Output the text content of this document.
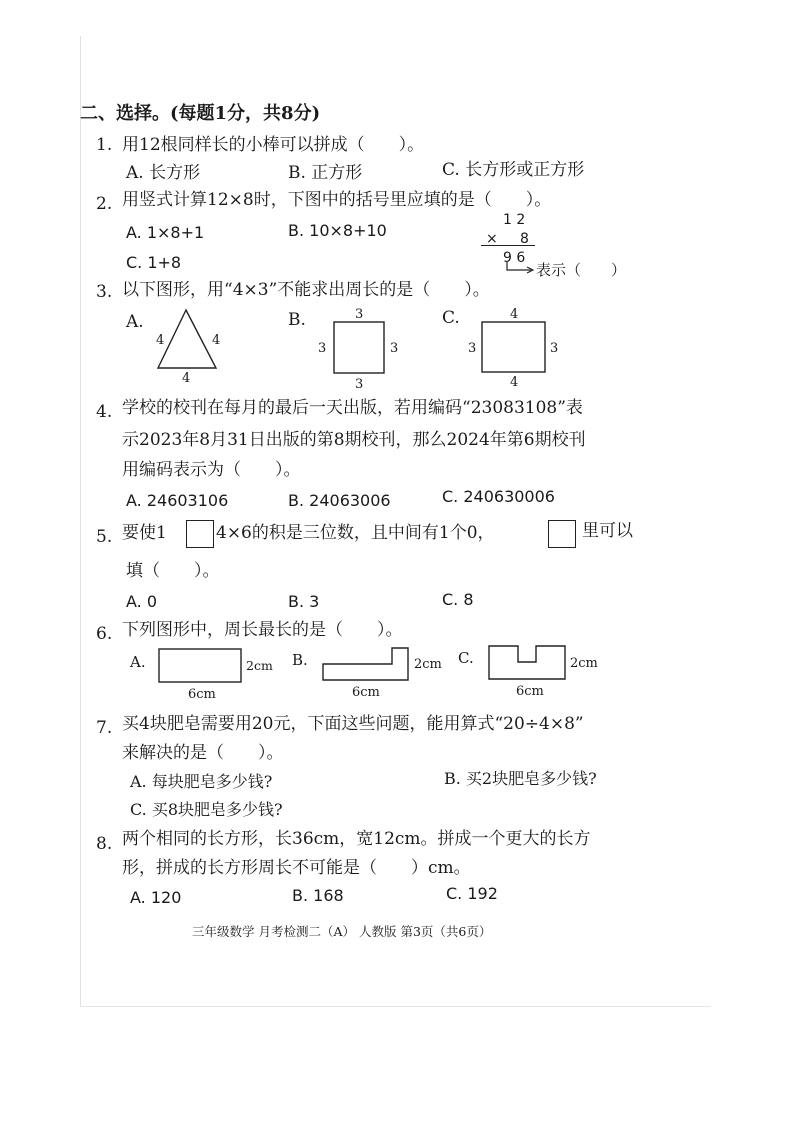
二、选择。(每题1分，共8分)
1. 用12根同样长的小棒可以拼成（　　）。
A. 长方形	B. 正方形	C. 长方形或正方形
2. 用竖式计算12×8时，下图中的括号里应填的是（　　）。
A. 1×8+1	B. 10×8+10
C. 1+8
1 2
× 8
9 6
表示（　　）
3. 以下图形，用“4×3”不能求出周长的是（　　）。
A.	B.	C.
4	4
4
3
3	3
3
4
3	3
4
4. 学校的校刊在每月的最后一天出版，若用编码“23083108”表
示2023年8月31日出版的第8期校刊，那么2024年第6期校刊
用编码表示为（　　）。
A. 24603106	B. 24063006	C. 240630006
5. 要使1	4×6的积是三位数，且中间有1个0，	里可以
填（　　）。
A. 0	B. 3	C. 8
6. 下列图形中，周长最长的是（　　）。
A.	B.	C.
2cm
6cm
2cm
6cm
2cm
6cm
7. 买4块肥皂需要用20元，下面这些问题，能用算式“20÷4×8”
来解决的是（　　）。
A. 每块肥皂多少钱?	B. 买2块肥皂多少钱?
C. 买8块肥皂多少钱?
8. 两个相同的长方形，长36cm，宽12cm。拼成一个更大的长方
形，拼成的长方形周长不可能是（　　）cm。
A. 120	B. 168	C. 192
三年级数学 月考检测二（A） 人教版 第3页（共6页）
